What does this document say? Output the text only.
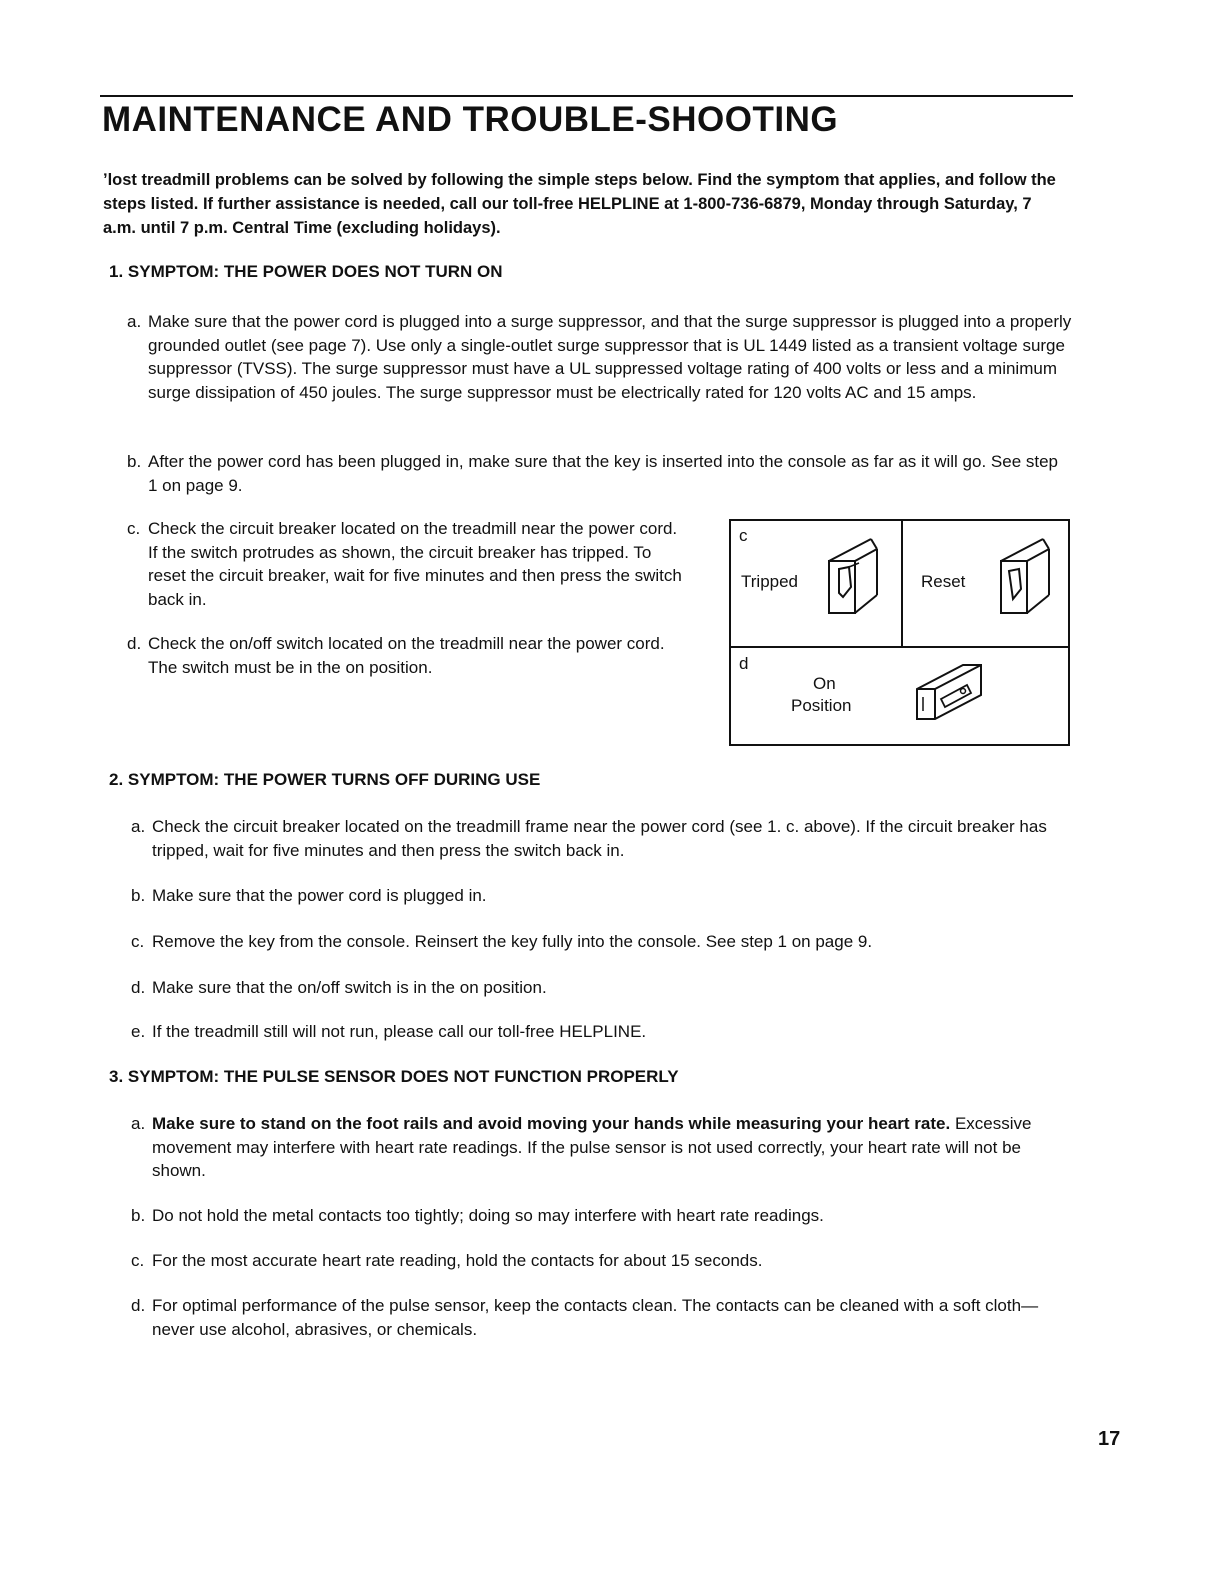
MAINTENANCE AND TROUBLE-SHOOTING

ʼlost treadmill problems can be solved by following the simple steps below. Find the symptom that applies, and follow the steps listed. If further assistance is needed, call our toll-free HELPLINE at 1-800-736-6879, Monday through Saturday, 7 a.m. until 7 p.m. Central Time (excluding holidays).

1. SYMPTOM: THE POWER DOES NOT TURN ON

a. Make sure that the power cord is plugged into a surge suppressor, and that the surge suppressor is plugged into a properly grounded outlet (see page 7). Use only a single-outlet surge suppressor that is UL 1449 listed as a transient voltage surge suppressor (TVSS). The surge suppressor must have a UL suppressed voltage rating of 400 volts or less and a minimum surge dissipation of 450 joules. The surge suppressor must be electrically rated for 120 volts AC and 15 amps.
b. After the power cord has been plugged in, make sure that the key is inserted into the console as far as it will go. See step 1 on page 9.
c. Check the circuit breaker located on the treadmill near the power cord. If the switch protrudes as shown, the circuit breaker has tripped. To reset the circuit breaker, wait for five minutes and then press the switch back in.
d. Check the on/off switch located on the treadmill near the power cord. The switch must be in the on position.
c
Tripped	Reset
d
On
Position

2. SYMPTOM: THE POWER TURNS OFF DURING USE

a. Check the circuit breaker located on the treadmill frame near the power cord (see 1. c. above). If the circuit breaker has tripped, wait for five minutes and then press the switch back in.
b. Make sure that the power cord is plugged in.
c. Remove the key from the console. Reinsert the key fully into the console. See step 1 on page 9.
d. Make sure that the on/off switch is in the on position.
e. If the treadmill still will not run, please call our toll-free HELPLINE.

3. SYMPTOM: THE PULSE SENSOR DOES NOT FUNCTION PROPERLY

a. Make sure to stand on the foot rails and avoid moving your hands while measuring your heart rate. Excessive movement may interfere with heart rate readings. If the pulse sensor is not used correctly, your heart rate will not be shown.
b. Do not hold the metal contacts too tightly; doing so may interfere with heart rate readings.
c. For the most accurate heart rate reading, hold the contacts for about 15 seconds.
d. For optimal performance of the pulse sensor, keep the contacts clean. The contacts can be cleaned with a soft cloth—never use alcohol, abrasives, or chemicals.
17
